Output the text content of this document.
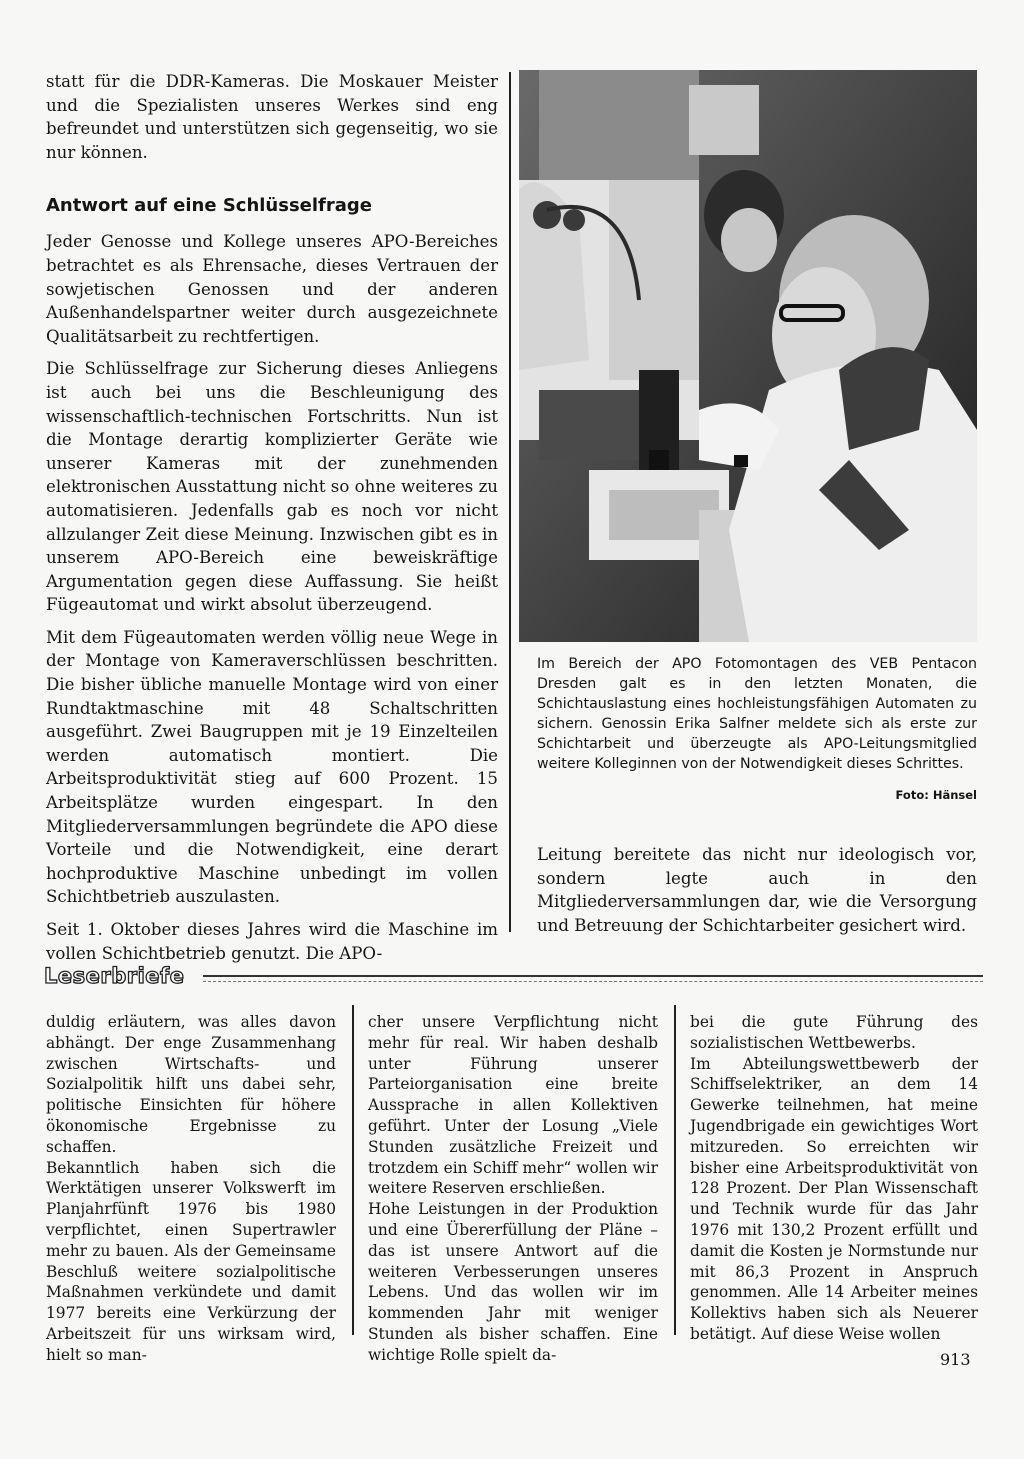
statt für die DDR-Kameras. Die Moskauer Meister und die Spezialisten unseres Werkes sind eng befreundet und unterstützen sich gegenseitig, wo sie nur können.

Antwort auf eine Schlüsselfrage

Jeder Genosse und Kollege unseres APO-Bereiches betrachtet es als Ehrensache, dieses Vertrauen der sowjetischen Genossen und der anderen Außenhandelspartner weiter durch ausgezeichnete Qualitätsarbeit zu rechtfertigen.

Die Schlüsselfrage zur Sicherung dieses Anliegens ist auch bei uns die Beschleunigung des wissenschaftlich-technischen Fortschritts. Nun ist die Montage derartig komplizierter Geräte wie unserer Kameras mit der zunehmenden elektronischen Ausstattung nicht so ohne weiteres zu automatisieren. Jedenfalls gab es noch vor nicht allzulanger Zeit diese Meinung. Inzwischen gibt es in unserem APO-Bereich eine beweiskräftige Argumentation gegen diese Auffassung. Sie heißt Fügeautomat und wirkt absolut überzeugend.

Mit dem Fügeautomaten werden völlig neue Wege in der Montage von Kameraverschlüssen beschritten. Die bisher übliche manuelle Montage wird von einer Rundtaktmaschine mit 48 Schaltschritten ausgeführt. Zwei Baugruppen mit je 19 Einzelteilen werden automatisch montiert. Die Arbeitsproduktivität stieg auf 600 Prozent. 15 Arbeitsplätze wurden eingespart. In den Mitgliederversammlungen begründete die APO diese Vorteile und die Notwendigkeit, eine derart hochproduktive Maschine unbedingt im vollen Schichtbetrieb auszulasten.

Seit 1. Oktober dieses Jahres wird die Maschine im vollen Schichtbetrieb genutzt. Die APO-

Im Bereich der APO Fotomontagen des VEB Pentacon Dresden galt es in den letzten Monaten, die Schichtauslastung eines hochleistungsfähigen Automaten zu sichern. Genossin Erika Salfner meldete sich als erste zur Schichtarbeit und überzeugte als APO-Leitungsmitglied weitere Kolleginnen von der Notwendigkeit dieses Schrittes.
Foto: Hänsel

Leitung bereitete das nicht nur ideologisch vor, sondern legte auch in den Mitgliederversammlungen dar, wie die Versorgung und Betreuung der Schichtarbeiter gesichert wird.

Leserbriefe

duldig erläutern, was alles davon abhängt. Der enge Zusammenhang zwischen Wirtschafts- und Sozialpolitik hilft uns dabei sehr, politische Einsichten für höhere ökonomische Ergebnisse zu schaffen.

Bekanntlich haben sich die Werktätigen unserer Volkswerft im Planjahrfünft 1976 bis 1980 verpflichtet, einen Supertrawler mehr zu bauen. Als der Gemeinsame Beschluß weitere sozialpolitische Maßnahmen verkündete und damit 1977 bereits eine Verkürzung der Arbeitszeit für uns wirksam wird, hielt so man-

cher unsere Verpflichtung nicht mehr für real. Wir haben deshalb unter Führung unserer Parteiorganisation eine breite Aussprache in allen Kollektiven geführt. Unter der Losung „Viele Stunden zusätzliche Freizeit und trotzdem ein Schiff mehr“ wollen wir weitere Reserven erschließen.

Hohe Leistungen in der Produktion und eine Übererfüllung der Pläne – das ist unsere Antwort auf die weiteren Verbesserungen unseres Lebens. Und das wollen wir im kommenden Jahr mit weniger Stunden als bisher schaffen. Eine wichtige Rolle spielt da-

bei die gute Führung des sozialistischen Wettbewerbs.

Im Abteilungswettbewerb der Schiffselektriker, an dem 14 Gewerke teilnehmen, hat meine Jugendbrigade ein gewichtiges Wort mitzureden. So erreichten wir bisher eine Arbeitsproduktivität von 128 Prozent. Der Plan Wissenschaft und Technik wurde für das Jahr 1976 mit 130,2 Prozent erfüllt und damit die Kosten je Normstunde nur mit 86,3 Prozent in Anspruch genommen. Alle 14 Arbeiter meines Kollektivs haben sich als Neuerer betätigt. Auf diese Weise wollen

913
